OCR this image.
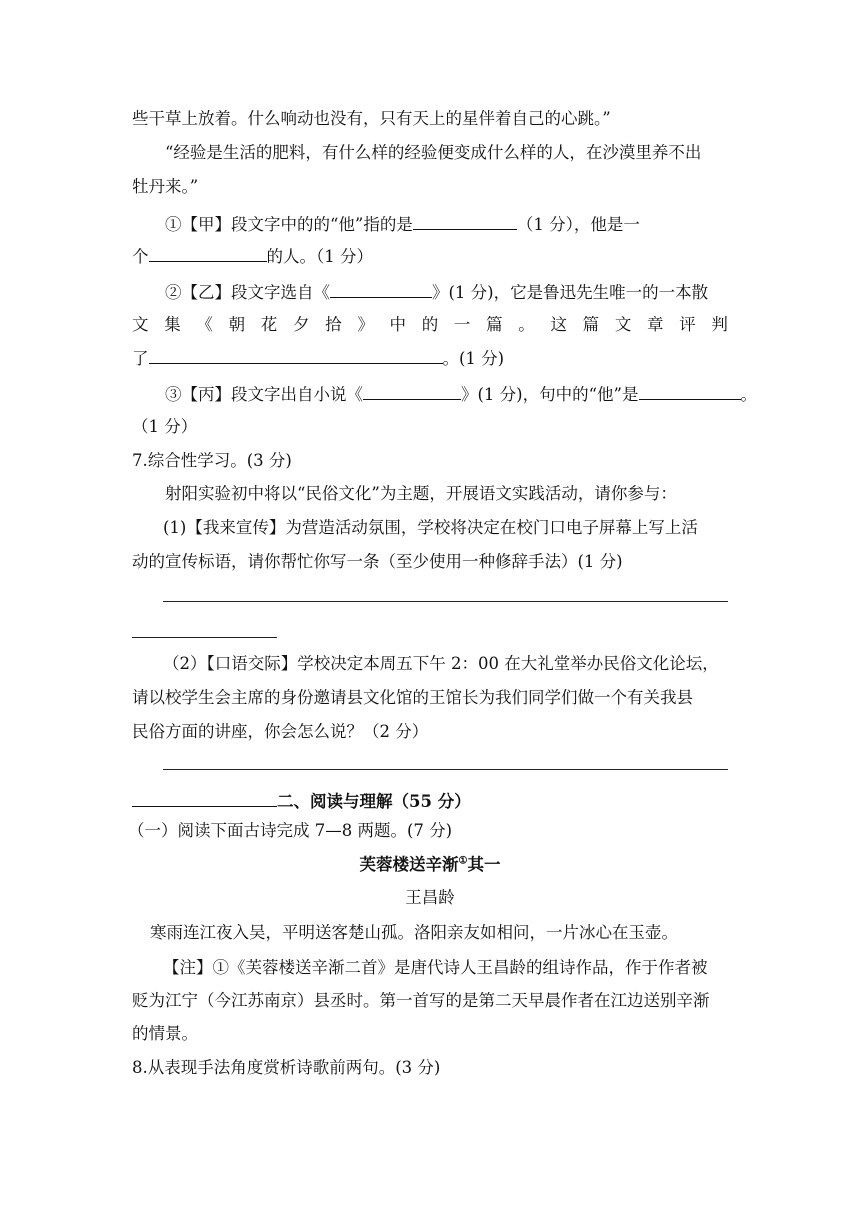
些干草上放着。什么响动也没有，只有天上的星伴着自己的心跳。”
“经验是生活的肥料，有什么样的经验便变成什么样的人，在沙漠里养不出
牡丹来。”
①【甲】段文字中的的“他”指的是	（1 分），他是一
个	的人。（1 分）
②【乙】段文字选自《	》(1 分)，它是鲁迅先生唯一的一本散
文 集 《 朝 花 夕 拾 》 中 的 一 篇 。 这 篇 文 章 评 判
了	。(1 分)
③【丙】段文字出自小说《	》(1 分)，句中的“他”是	。
（1 分）
7.综合性学习。(3 分)
射阳实验初中将以“民俗文化”为主题，开展语文实践活动，请你参与：
(1)【我来宣传】为营造活动氛围，学校将决定在校门口电子屏幕上写上活
动的宣传标语，请你帮忙你写一条（至少使用一种修辞手法）(1 分)
（2）【口语交际】学校决定本周五下午 2：00 在大礼堂举办民俗文化论坛，
请以校学生会主席的身份邀请县文化馆的王馆长为我们同学们做一个有关我县
民俗方面的讲座，你会怎么说？（2 分）
二、阅读与理解（55 分）
（一）阅读下面古诗完成 7—8 两题。(7 分)
芙蓉楼送辛渐①其一
王昌龄
寒雨连江夜入吴，平明送客楚山孤。洛阳亲友如相问，一片冰心在玉壶。
【注】①《芙蓉楼送辛渐二首》是唐代诗人王昌龄的组诗作品，作于作者被
贬为江宁（今江苏南京）县丞时。第一首写的是第二天早晨作者在江边送别辛渐
的情景。
8.从表现手法角度赏析诗歌前两句。(3 分)
